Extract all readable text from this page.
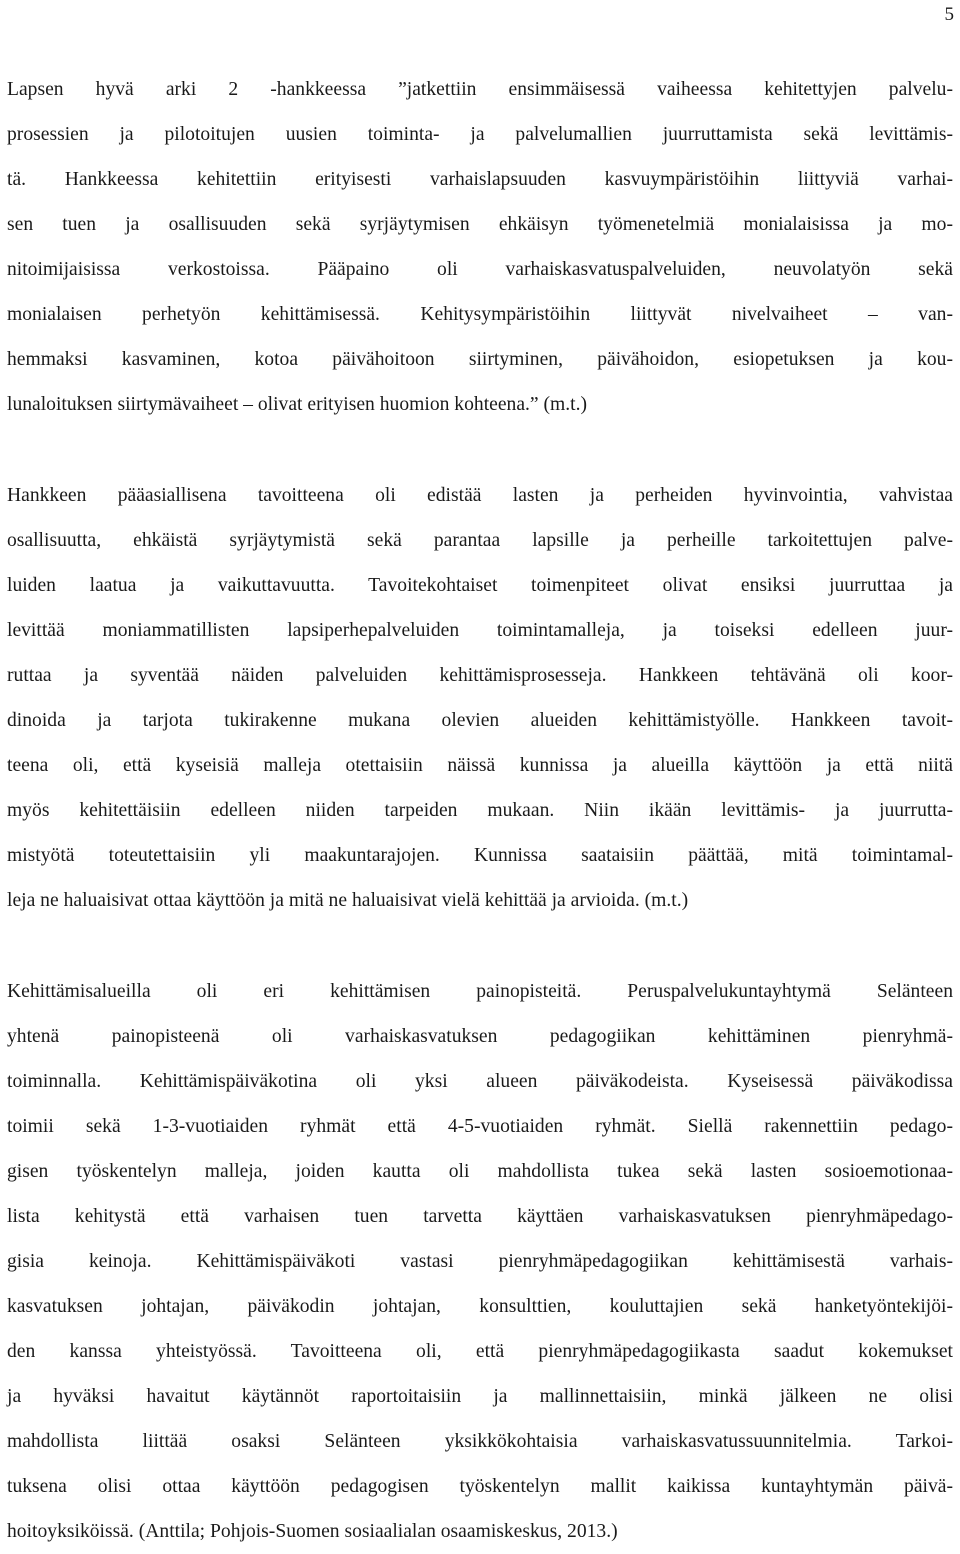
5
Lapsen hyvä arki 2 -hankkeessa ”jatkettiin ensimmäisessä vaiheessa kehitettyjen palvelu-
prosessien ja pilotoitujen uusien toiminta- ja palvelumallien juurruttamista sekä levittämis-
tä. Hankkeessa kehitettiin erityisesti varhaislapsuuden kasvuympäristöihin liittyviä varhai-
sen tuen ja osallisuuden sekä syrjäytymisen ehkäisyn työmenetelmiä monialaisissa ja mo-
nitoimijaisissa verkostoissa. Pääpaino oli varhaiskasvatuspalveluiden, neuvolatyön sekä
monialaisen perhetyön kehittämisessä. Kehitysympäristöihin liittyvät nivelvaiheet – van-
hemmaksi kasvaminen, kotoa päivähoitoon siirtyminen, päivähoidon, esiopetuksen ja kou-
lunaloituksen siirtymävaiheet – olivat erityisen huomion kohteena.” (m.t.)
Hankkeen pääasiallisena tavoitteena oli edistää lasten ja perheiden hyvinvointia, vahvistaa
osallisuutta, ehkäistä syrjäytymistä sekä parantaa lapsille ja perheille tarkoitettujen palve-
luiden laatua ja vaikuttavuutta. Tavoitekohtaiset toimenpiteet olivat ensiksi juurruttaa ja
levittää moniammatillisten lapsiperhepalveluiden toimintamalleja, ja toiseksi edelleen juur-
ruttaa ja syventää näiden palveluiden kehittämisprosesseja. Hankkeen tehtävänä oli koor-
dinoida ja tarjota tukirakenne mukana olevien alueiden kehittämistyölle. Hankkeen tavoit-
teena oli, että kyseisiä malleja otettaisiin näissä kunnissa ja alueilla käyttöön ja että niitä
myös kehitettäisiin edelleen niiden tarpeiden mukaan. Niin ikään levittämis- ja juurrutta-
mistyötä toteutettaisiin yli maakuntarajojen. Kunnissa saataisiin päättää, mitä toimintamal-
leja ne haluaisivat ottaa käyttöön ja mitä ne haluaisivat vielä kehittää ja arvioida. (m.t.)
Kehittämisalueilla oli eri kehittämisen painopisteitä. Peruspalvelukuntayhtymä Selänteen
yhtenä painopisteenä oli varhaiskasvatuksen pedagogiikan kehittäminen pienryhmä-
toiminnalla. Kehittämispäiväkotina oli yksi alueen päiväkodeista. Kyseisessä päiväkodissa
toimii sekä 1-3-vuotiaiden ryhmät että 4-5-vuotiaiden ryhmät. Siellä rakennettiin pedago-
gisen työskentelyn malleja, joiden kautta oli mahdollista tukea sekä lasten sosioemotionaa-
lista kehitystä että varhaisen tuen tarvetta käyttäen varhaiskasvatuksen pienryhmäpedago-
gisia keinoja. Kehittämispäiväkoti vastasi pienryhmäpedagogiikan kehittämisestä varhais-
kasvatuksen johtajan, päiväkodin johtajan, konsulttien, kouluttajien sekä hanketyöntekijöi-
den kanssa yhteistyössä. Tavoitteena oli, että pienryhmäpedagogiikasta saadut kokemukset
ja hyväksi havaitut käytännöt raportoitaisiin ja mallinnettaisiin, minkä jälkeen ne olisi
mahdollista liittää osaksi Selänteen yksikkökohtaisia varhaiskasvatussuunnitelmia. Tarkoi-
tuksena olisi ottaa käyttöön pedagogisen työskentelyn mallit kaikissa kuntayhtymän päivä-
hoitoyksiköissä. (Anttila; Pohjois-Suomen sosiaalialan osaamiskeskus, 2013.)
